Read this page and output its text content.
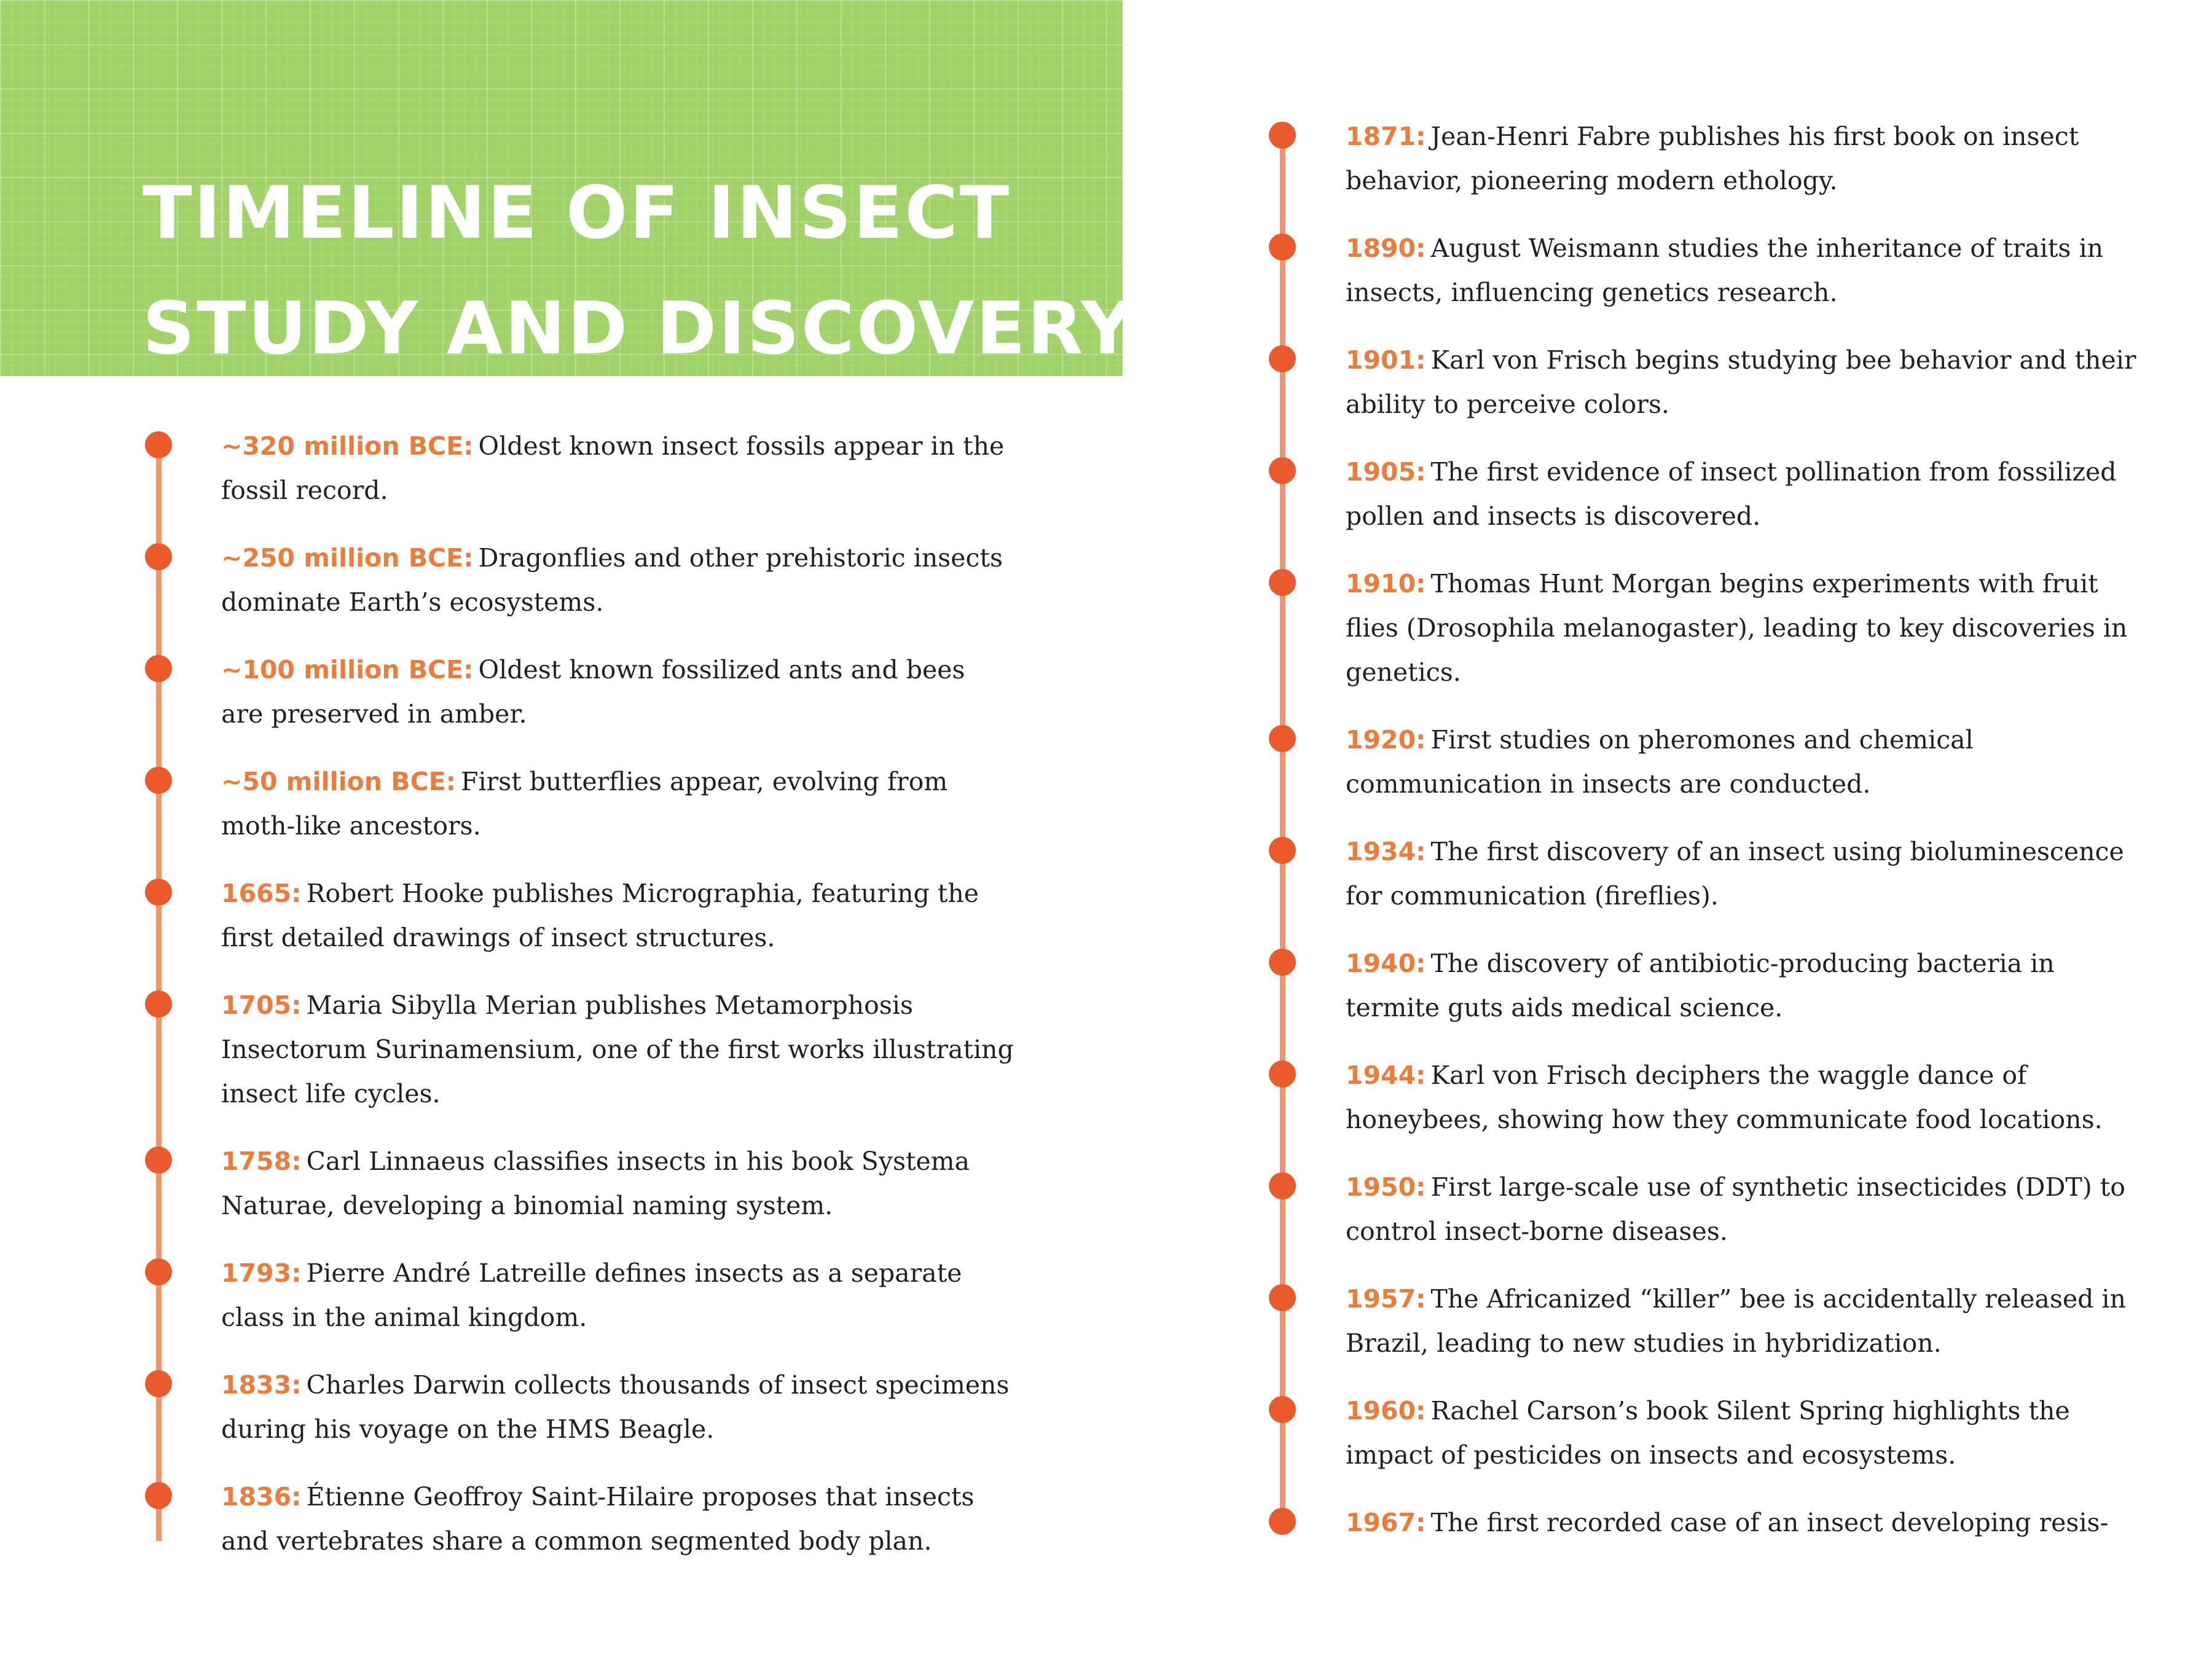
TIMELINE OF INSECT
STUDY AND DISCOVERY

~320 million BCE: Oldest known insect fossils appear in the fossil record.

~250 million BCE: Dragonflies and other prehistoric insects dominate Earth’s ecosystems.

~100 million BCE: Oldest known fossilized ants and bees are preserved in amber.

~50 million BCE: First butterflies appear, evolving from moth-like ancestors.

1665: Robert Hooke publishes Micrographia, featuring the first detailed drawings of insect structures.

1705: Maria Sibylla Merian publishes Metamorphosis Insectorum Surinamensium, one of the first works illustrating insect life cycles.

1758: Carl Linnaeus classifies insects in his book Systema Naturae, developing a binomial naming system.

1793: Pierre André Latreille defines insects as a separate class in the animal kingdom.

1833: Charles Darwin collects thousands of insect specimens during his voyage on the HMS Beagle.

1836: Étienne Geoffroy Saint-Hilaire proposes that insects and vertebrates share a common segmented body plan.

1871: Jean-Henri Fabre publishes his first book on insect behavior, pioneering modern ethology.

1890: August Weismann studies the inheritance of traits in insects, influencing genetics research.

1901: Karl von Frisch begins studying bee behavior and their ability to perceive colors.

1905: The first evidence of insect pollination from fossilized pollen and insects is discovered.

1910: Thomas Hunt Morgan begins experiments with fruit flies (Drosophila melanogaster), leading to key discoveries in genetics.

1920: First studies on pheromones and chemical communication in insects are conducted.

1934: The first discovery of an insect using bioluminescence for communication (fireflies).

1940: The discovery of antibiotic-producing bacteria in termite guts aids medical science.

1944: Karl von Frisch deciphers the waggle dance of honeybees, showing how they communicate food locations.

1950: First large-scale use of synthetic insecticides (DDT) to control insect-borne diseases.

1957: The Africanized “killer” bee is accidentally released in Brazil, leading to new studies in hybridization.

1960: Rachel Carson’s book Silent Spring highlights the impact of pesticides on insects and ecosystems.

1967: The first recorded case of an insect developing resis-
